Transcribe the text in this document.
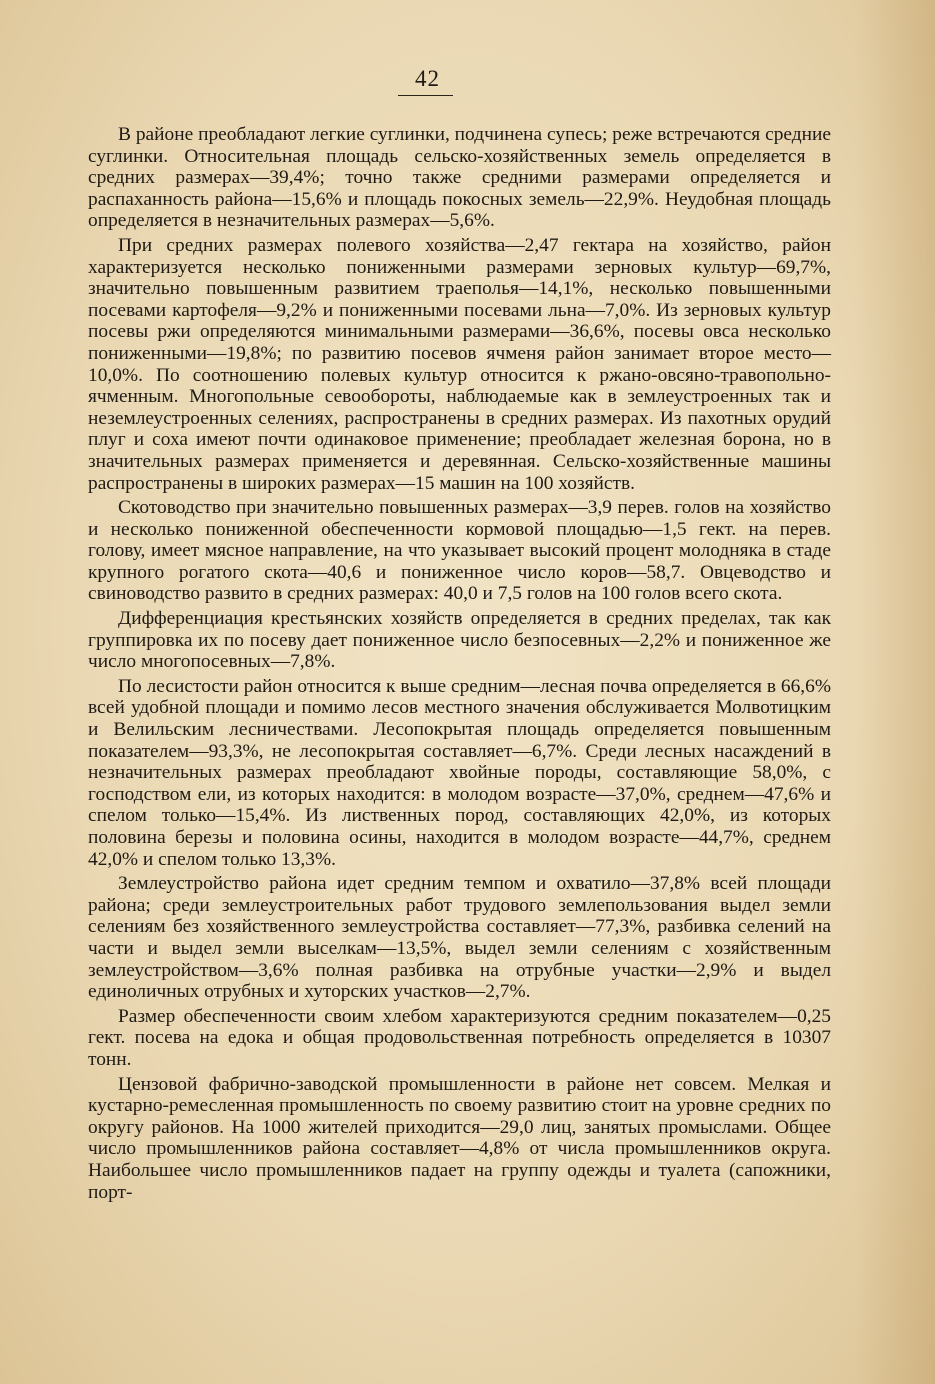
42

В районе преобладают легкие суглинки, подчинена супесь; реже встречаются средние суглинки. Относительная площадь сельско-хозяйственных земель определяется в средних размерах—39,4%; точно также средними размерами определяется и распаханность района—15,6% и площадь покосных земель—22,9%. Неудобная площадь определяется в незначительных размерах—5,6%.

При средних размерах полевого хозяйства—2,47 гектара на хозяйство, район характеризуется несколько пониженными размерами зерновых культур—69,7%, значительно повышенным развитием траеполья—14,1%, несколько повышенными посевами картофеля—9,2% и пониженными посевами льна—7,0%. Из зерновых культур посевы ржи определяются минимальными размерами—36,6%, посевы овса несколько пониженными—19,8%; по развитию посевов ячменя район занимает второе место—10,0%. По соотношению полевых культур относится к ржано-овсяно-травопольно-ячменным. Многопольные севообороты, наблюдаемые как в землеустроенных так и неземлеустроенных селениях, распространены в средних размерах. Из пахотных орудий плуг и соха имеют почти одинаковое применение; преобладает железная борона, но в значительных размерах применяется и деревянная. Сельско-хозяйственные машины распространены в широких размерах—15 машин на 100 хозяйств.

Скотоводство при значительно повышенных размерах—3,9 перев. голов на хозяйство и несколько пониженной обеспеченности кормовой площадью—1,5 гект. на перев. голову, имеет мясное направление, на что указывает высокий процент молодняка в стаде крупного рогатого скота—40,6 и пониженное число коров—58,7. Овцеводство и свиноводство развито в средних размерах: 40,0 и 7,5 голов на 100 голов всего скота.

Дифференциация крестьянских хозяйств определяется в средних пределах, так как группировка их по посеву дает пониженное число безпосевных—2,2% и пониженное же число многопосевных—7,8%.

По лесистости район относится к выше средним—лесная почва определяется в 66,6% всей удобной площади и помимо лесов местного значения обслуживается Молвотицким и Велильским лесничествами. Лесопокрытая площадь определяется повышенным показателем—93,3%, не лесопокрытая составляет—6,7%. Среди лесных насаждений в незначительных размерах преобладают хвойные породы, составляющие 58,0%, с господством ели, из которых находится: в молодом возрасте—37,0%, среднем—47,6% и спелом только—15,4%. Из лиственных пород, составляющих 42,0%, из которых половина березы и половина осины, находится в молодом возрасте—44,7%, среднем 42,0% и спелом только 13,3%.

Землеустройство района идет средним темпом и охватило—37,8% всей площади района; среди землеустроительных работ трудового землепользования выдел земли селениям без хозяйственного землеустройства составляет—77,3%, разбивка селений на части и выдел земли выселкам—13,5%, выдел земли селениям с хозяйственным землеустройством—3,6% полная разбивка на отрубные участки—2,9% и выдел единоличных отрубных и хуторских участков—2,7%.

Размер обеспеченности своим хлебом характеризуются средним показателем—0,25 гект. посева на едока и общая продовольственная потребность определяется в 10307 тонн.

Цензовой фабрично-заводской промышленности в районе нет совсем. Мелкая и кустарно-ремесленная промышленность по своему развитию стоит на уровне средних по округу районов. На 1000 жителей приходится—29,0 лиц, занятых промыслами. Общее число промышленников района составляет—4,8% от числа промышленников округа. Наибольшее число промышленников падает на группу одежды и туалета (сапожники, порт-
